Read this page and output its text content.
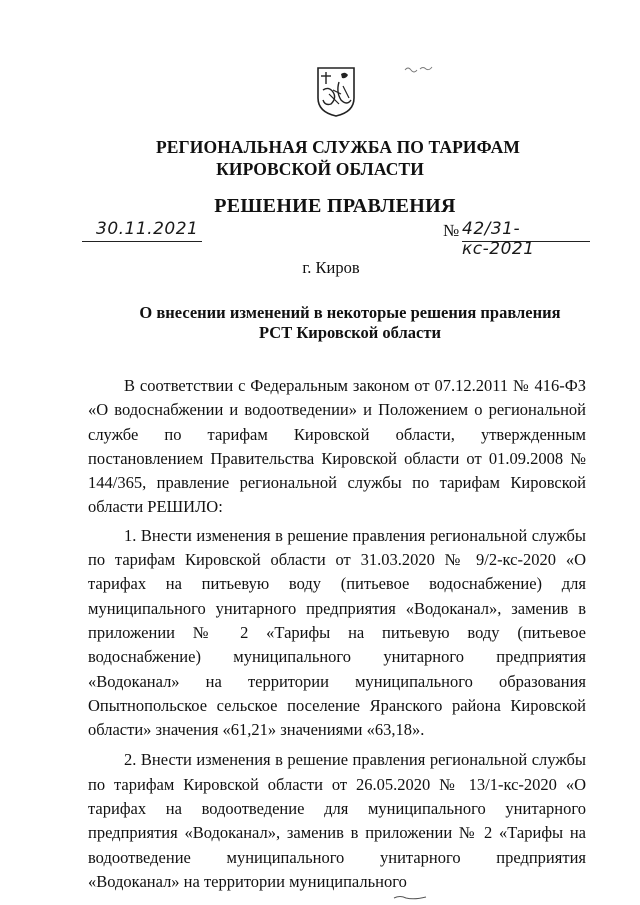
РЕГИОНАЛЬНАЯ СЛУЖБА ПО ТАРИФАМ
КИРОВСКОЙ ОБЛАСТИ
РЕШЕНИЕ ПРАВЛЕНИЯ
30.11.2021	№ 42/31-кс-2021
г. Киров
О внесении изменений в некоторые решения правления
РСТ Кировской области

В соответствии с Федеральным законом от 07.12.2011 № 416-ФЗ «О водоснабжении и водоотведении» и Положением о региональной службе по тарифам Кировской области, утвержденным постановлением Правительства Кировской области от 01.09.2008 № 144/365, правление региональной службы по тарифам Кировской области РЕШИЛО:

1. Внести изменения в решение правления региональной службы по тарифам Кировской области от 31.03.2020 № 9/2-кс-2020 «О тарифах на питьевую воду (питьевое водоснабжение) для муниципального унитарного предприятия «Водоканал», заменив в приложении № 2 «Тарифы на питьевую воду (питьевое водоснабжение) муниципального унитарного предприятия «Водоканал» на территории муниципального образования Опытнопольское сельское поселение Яранского района Кировской области» значения «61,21» значениями «63,18».

2. Внести изменения в решение правления региональной службы по тарифам Кировской области от 26.05.2020 № 13/1-кс-2020 «О тарифах на водоотведение для муниципального унитарного предприятия «Водоканал», заменив в приложении № 2 «Тарифы на водоотведение муниципального унитарного предприятия «Водоканал» на территории муниципального
